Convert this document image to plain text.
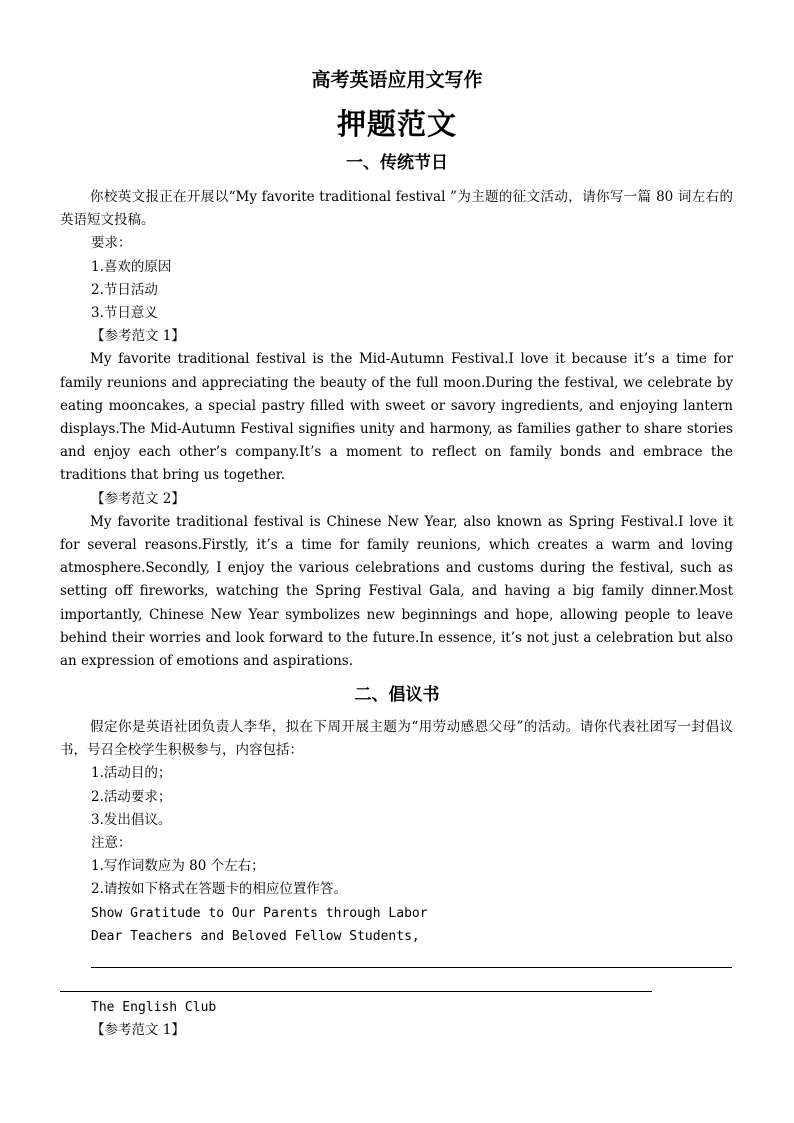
高考英语应用文写作
押题范文
一、传统节日

你校英文报正在开展以“My favorite traditional festival ”为主题的征文活动，请你写一篇 80 词左右的英语短文投稿。

要求：

1.喜欢的原因

2.节日活动

3.节日意义

【参考范文 1】

My favorite traditional festival is the Mid-Autumn Festival.I love it because it’s a time for family reunions and appreciating the beauty of the full moon.During the festival, we celebrate by eating mooncakes, a special pastry filled with sweet or savory ingredients, and enjoying lantern displays.The Mid-Autumn Festival signifies unity and harmony, as families gather to share stories and enjoy each other’s company.It’s a moment to reflect on family bonds and embrace the traditions that bring us together.

【参考范文 2】

My favorite traditional festival is Chinese New Year, also known as Spring Festival.I love it for several reasons.Firstly, it’s a time for family reunions, which creates a warm and loving atmosphere.Secondly, I enjoy the various celebrations and customs during the festival, such as setting off fireworks, watching the Spring Festival Gala, and having a big family dinner.Most importantly, Chinese New Year symbolizes new beginnings and hope, allowing people to leave behind their worries and look forward to the future.In essence, it’s not just a celebration but also an expression of emotions and aspirations.

二、倡议书

假定你是英语社团负责人李华，拟在下周开展主题为“用劳动感恩父母”的活动。请你代表社团写一封倡议书，号召全校学生积极参与，内容包括：

1.活动目的；

2.活动要求；

3.发出倡议。

注意：

1.写作词数应为 80 个左右；

2.请按如下格式在答题卡的相应位置作答。

Show Gratitude to Our Parents through Labor

Dear Teachers and Beloved Fellow Students,

The English Club

【参考范文 1】
